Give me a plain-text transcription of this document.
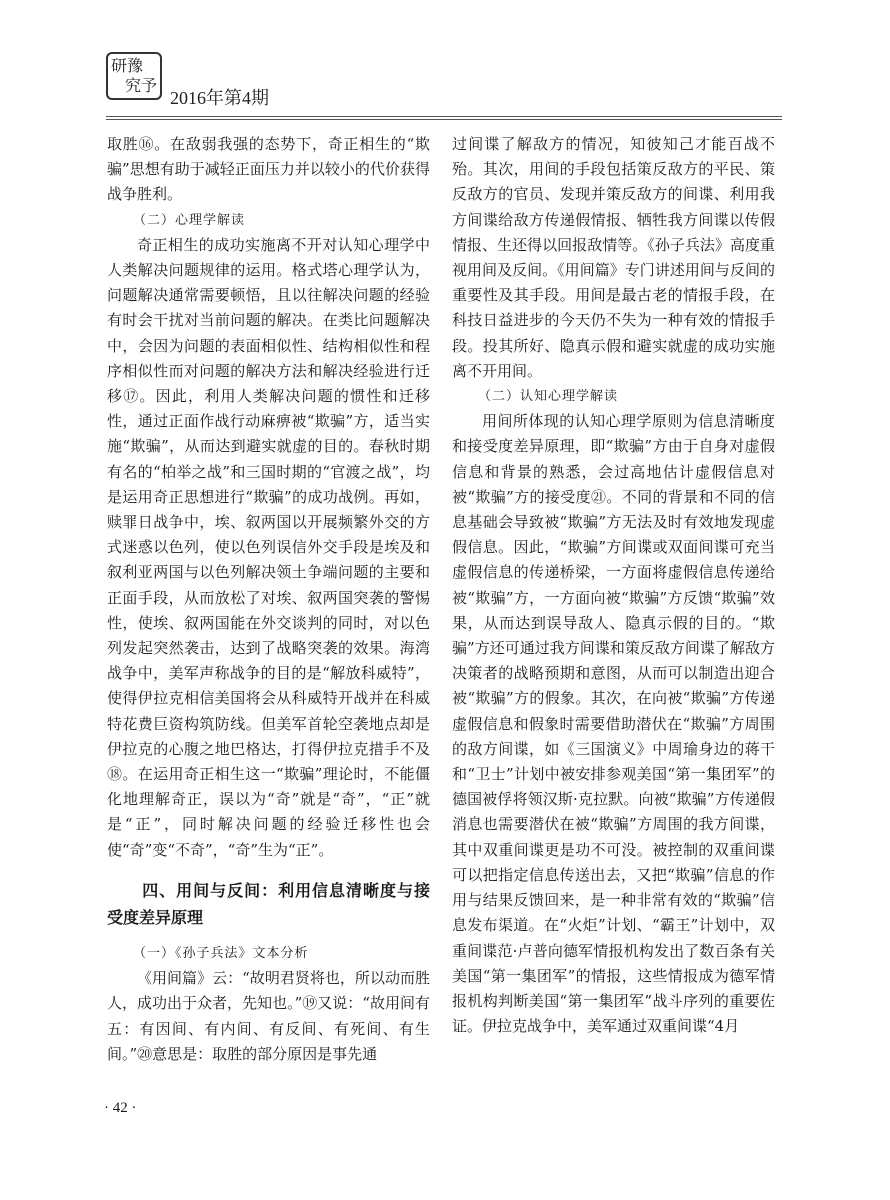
研豫
究予
2016年第4期

取胜⑯。在敌弱我强的态势下，奇正相生的“欺骗”思想有助于减轻正面压力并以较小的代价获得战争胜利。

（二）心理学解读

奇正相生的成功实施离不开对认知心理学中人类解决问题规律的运用。格式塔心理学认为，问题解决通常需要顿悟，且以往解决问题的经验有时会干扰对当前问题的解决。在类比问题解决中，会因为问题的表面相似性、结构相似性和程序相似性而对问题的解决方法和解决经验进行迁移⑰。因此，利用人类解决问题的惯性和迁移性，通过正面作战行动麻痹被“欺骗”方，适当实施“欺骗”，从而达到避实就虚的目的。春秋时期有名的“柏举之战”和三国时期的“官渡之战”，均是运用奇正思想进行“欺骗”的成功战例。再如，赎罪日战争中，埃、叙两国以开展频繁外交的方式迷惑以色列，使以色列误信外交手段是埃及和叙利亚两国与以色列解决领土争端问题的主要和正面手段，从而放松了对埃、叙两国突袭的警惕性，使埃、叙两国能在外交谈判的同时，对以色列发起突然袭击，达到了战略突袭的效果。海湾战争中，美军声称战争的目的是“解放科威特”，使得伊拉克相信美国将会从科威特开战并在科威特花费巨资构筑防线。但美军首轮空袭地点却是伊拉克的心腹之地巴格达，打得伊拉克措手不及⑱。在运用奇正相生这一“欺骗”理论时，不能僵化地理解奇正，误以为“奇”就是“奇”，“正”就是“正”，同时解决问题的经验迁移性也会使“奇”变“不奇”，“奇”生为“正”。

四、用间与反间：利用信息清晰度与接受度差异原理

（一）《孙子兵法》文本分析

《用间篇》云：“故明君贤将也，所以动而胜人，成功出于众者，先知也。”⑲又说：“故用间有五：有因间、有内间、有反间、有死间、有生间。”⑳意思是：取胜的部分原因是事先通

过间谍了解敌方的情况，知彼知己才能百战不殆。其次，用间的手段包括策反敌方的平民、策反敌方的官员、发现并策反敌方的间谍、利用我方间谍给敌方传递假情报、牺牲我方间谍以传假情报、生还得以回报敌情等。《孙子兵法》高度重视用间及反间。《用间篇》专门讲述用间与反间的重要性及其手段。用间是最古老的情报手段，在科技日益进步的今天仍不失为一种有效的情报手段。投其所好、隐真示假和避实就虚的成功实施离不开用间。

（二）认知心理学解读

用间所体现的认知心理学原则为信息清晰度和接受度差异原理，即“欺骗”方由于自身对虚假信息和背景的熟悉，会过高地估计虚假信息对被“欺骗”方的接受度㉑。不同的背景和不同的信息基础会导致被“欺骗”方无法及时有效地发现虚假信息。因此，“欺骗”方间谍或双面间谍可充当虚假信息的传递桥梁，一方面将虚假信息传递给被“欺骗”方，一方面向被“欺骗”方反馈“欺骗”效果，从而达到误导敌人、隐真示假的目的。“欺骗”方还可通过我方间谍和策反敌方间谍了解敌方决策者的战略预期和意图，从而可以制造出迎合被“欺骗”方的假象。其次，在向被“欺骗”方传递虚假信息和假象时需要借助潜伏在“欺骗”方周围的敌方间谍，如《三国演义》中周瑜身边的蒋干和“卫士”计划中被安排参观美国“第一集团军”的德国被俘将领汉斯·克拉默。向被“欺骗”方传递假消息也需要潜伏在被“欺骗”方周围的我方间谍，其中双重间谍更是功不可没。被控制的双重间谍可以把指定信息传送出去，又把“欺骗”信息的作用与结果反馈回来，是一种非常有效的“欺骗”信息发布渠道。在“火炬”计划、“霸王”计划中，双重间谍范·卢普向德军情报机构发出了数百条有关美国“第一集团军”的情报，这些情报成为德军情报机构判断美国“第一集团军”战斗序列的重要佐证。伊拉克战争中，美军通过双重间谍“4月

· 42 ·
